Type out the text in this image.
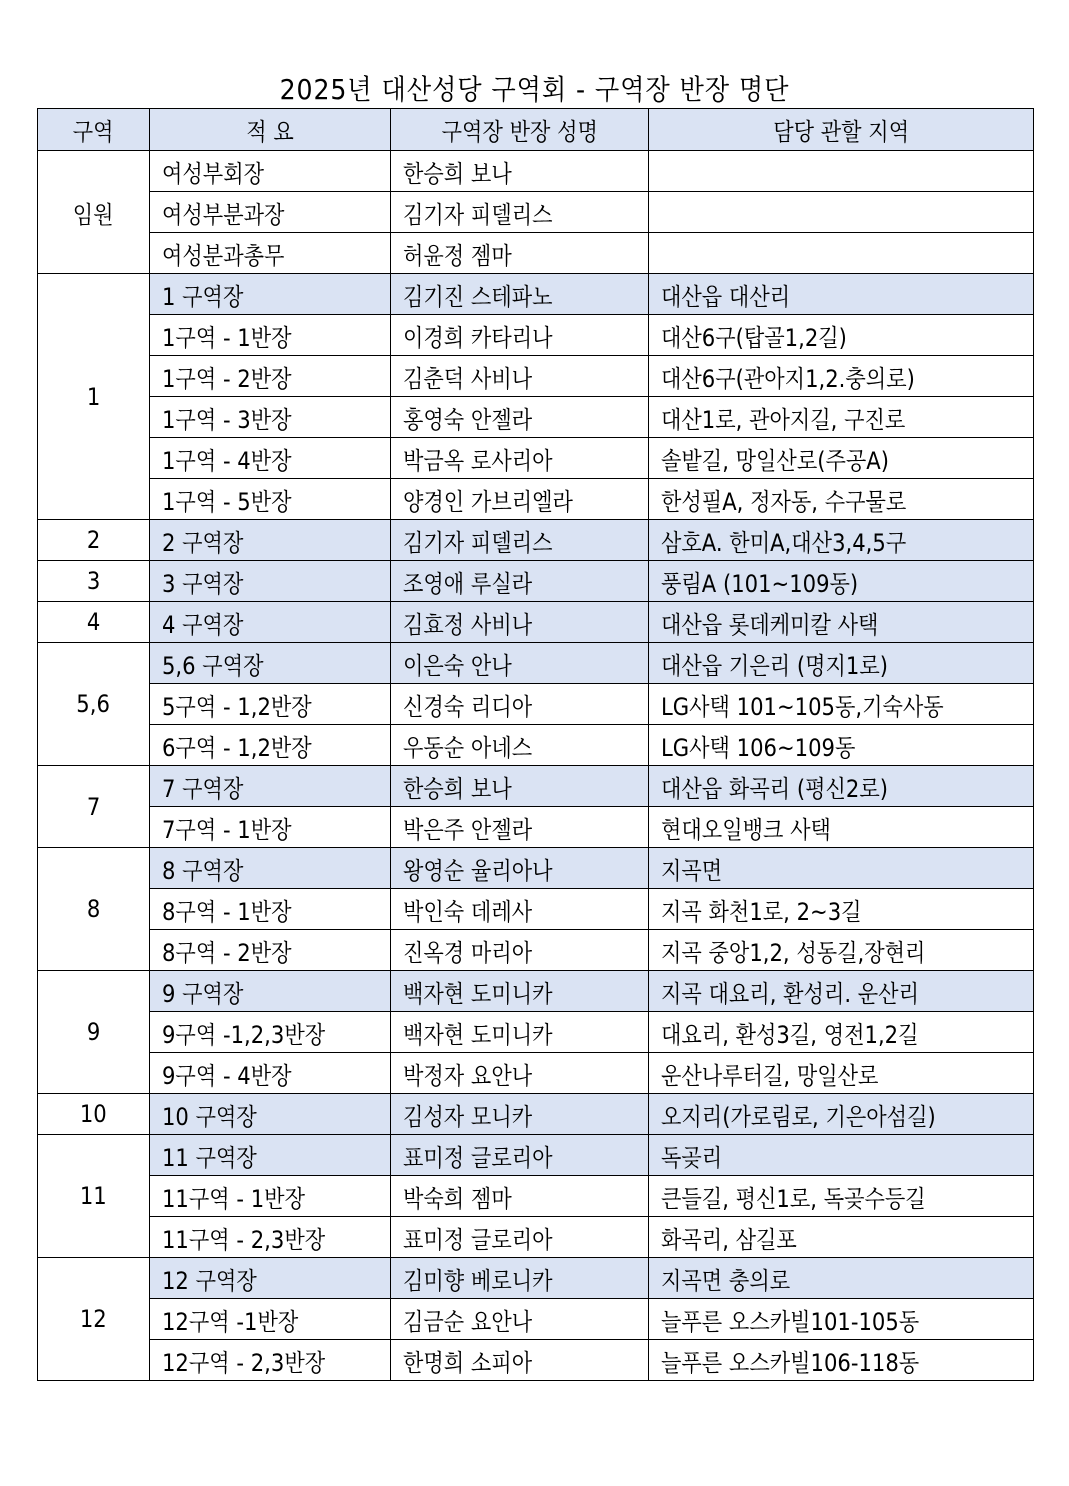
2025년 대산성당 구역회 - 구역장 반장 명단
구역	적 요	구역장 반장 성명	담당 관할 지역
임원	여성부회장	한승희 보나	
	여성부분과장	김기자 피델리스	
	여성분과총무	허윤정 젬마	
1	1 구역장	김기진 스테파노	대산읍 대산리
	1구역 - 1반장	이경희 카타리나	대산6구(탑골1,2길)
	1구역 - 2반장	김춘덕 사비나	대산6구(관아지1,2.충의로)
	1구역 - 3반장	홍영숙 안젤라	대산1로, 관아지길, 구진로
	1구역 - 4반장	박금옥 로사리아	솔밭길, 망일산로(주공A)
	1구역 - 5반장	양경인 가브리엘라	한성필A, 정자동, 수구물로
2	2 구역장	김기자 피델리스	삼호A. 한미A,대산3,4,5구
3	3 구역장	조영애 루실라	풍림A (101~109동)
4	4 구역장	김효정 사비나	대산읍 롯데케미칼 사택
5,6	5,6 구역장	이은숙 안나	대산읍 기은리 (명지1로)
	5구역 - 1,2반장	신경숙 리디아	LG사택 101~105동,기숙사동
	6구역 - 1,2반장	우동순 아네스	LG사택 106~109동
7	7 구역장	한승희 보나	대산읍 화곡리 (평신2로)
	7구역 - 1반장	박은주 안젤라	현대오일뱅크 사택
8	8 구역장	왕영순 율리아나	지곡면
	8구역 - 1반장	박인숙 데레사	지곡 화천1로, 2~3길
	8구역 - 2반장	진옥경 마리아	지곡 중앙1,2, 성동길,장현리
9	9 구역장	백자현 도미니카	지곡 대요리, 환성리. 운산리
	9구역 -1,2,3반장	백자현 도미니카	대요리, 환성3길, 영전1,2길
	9구역 - 4반장	박정자 요안나	운산나루터길, 망일산로
10	10 구역장	김성자 모니카	오지리(가로림로, 기은아섬길)
11	11 구역장	표미정 글로리아	독곶리
	11구역 - 1반장	박숙희 젬마	큰들길, 평신1로, 독곶수등길
	11구역 - 2,3반장	표미정 글로리아	화곡리, 삼길포
12	12 구역장	김미향 베로니카	지곡면 충의로
	12구역 -1반장	김금순 요안나	늘푸른 오스카빌101-105동
	12구역 - 2,3반장	한명희 소피아	늘푸른 오스카빌106-118동
